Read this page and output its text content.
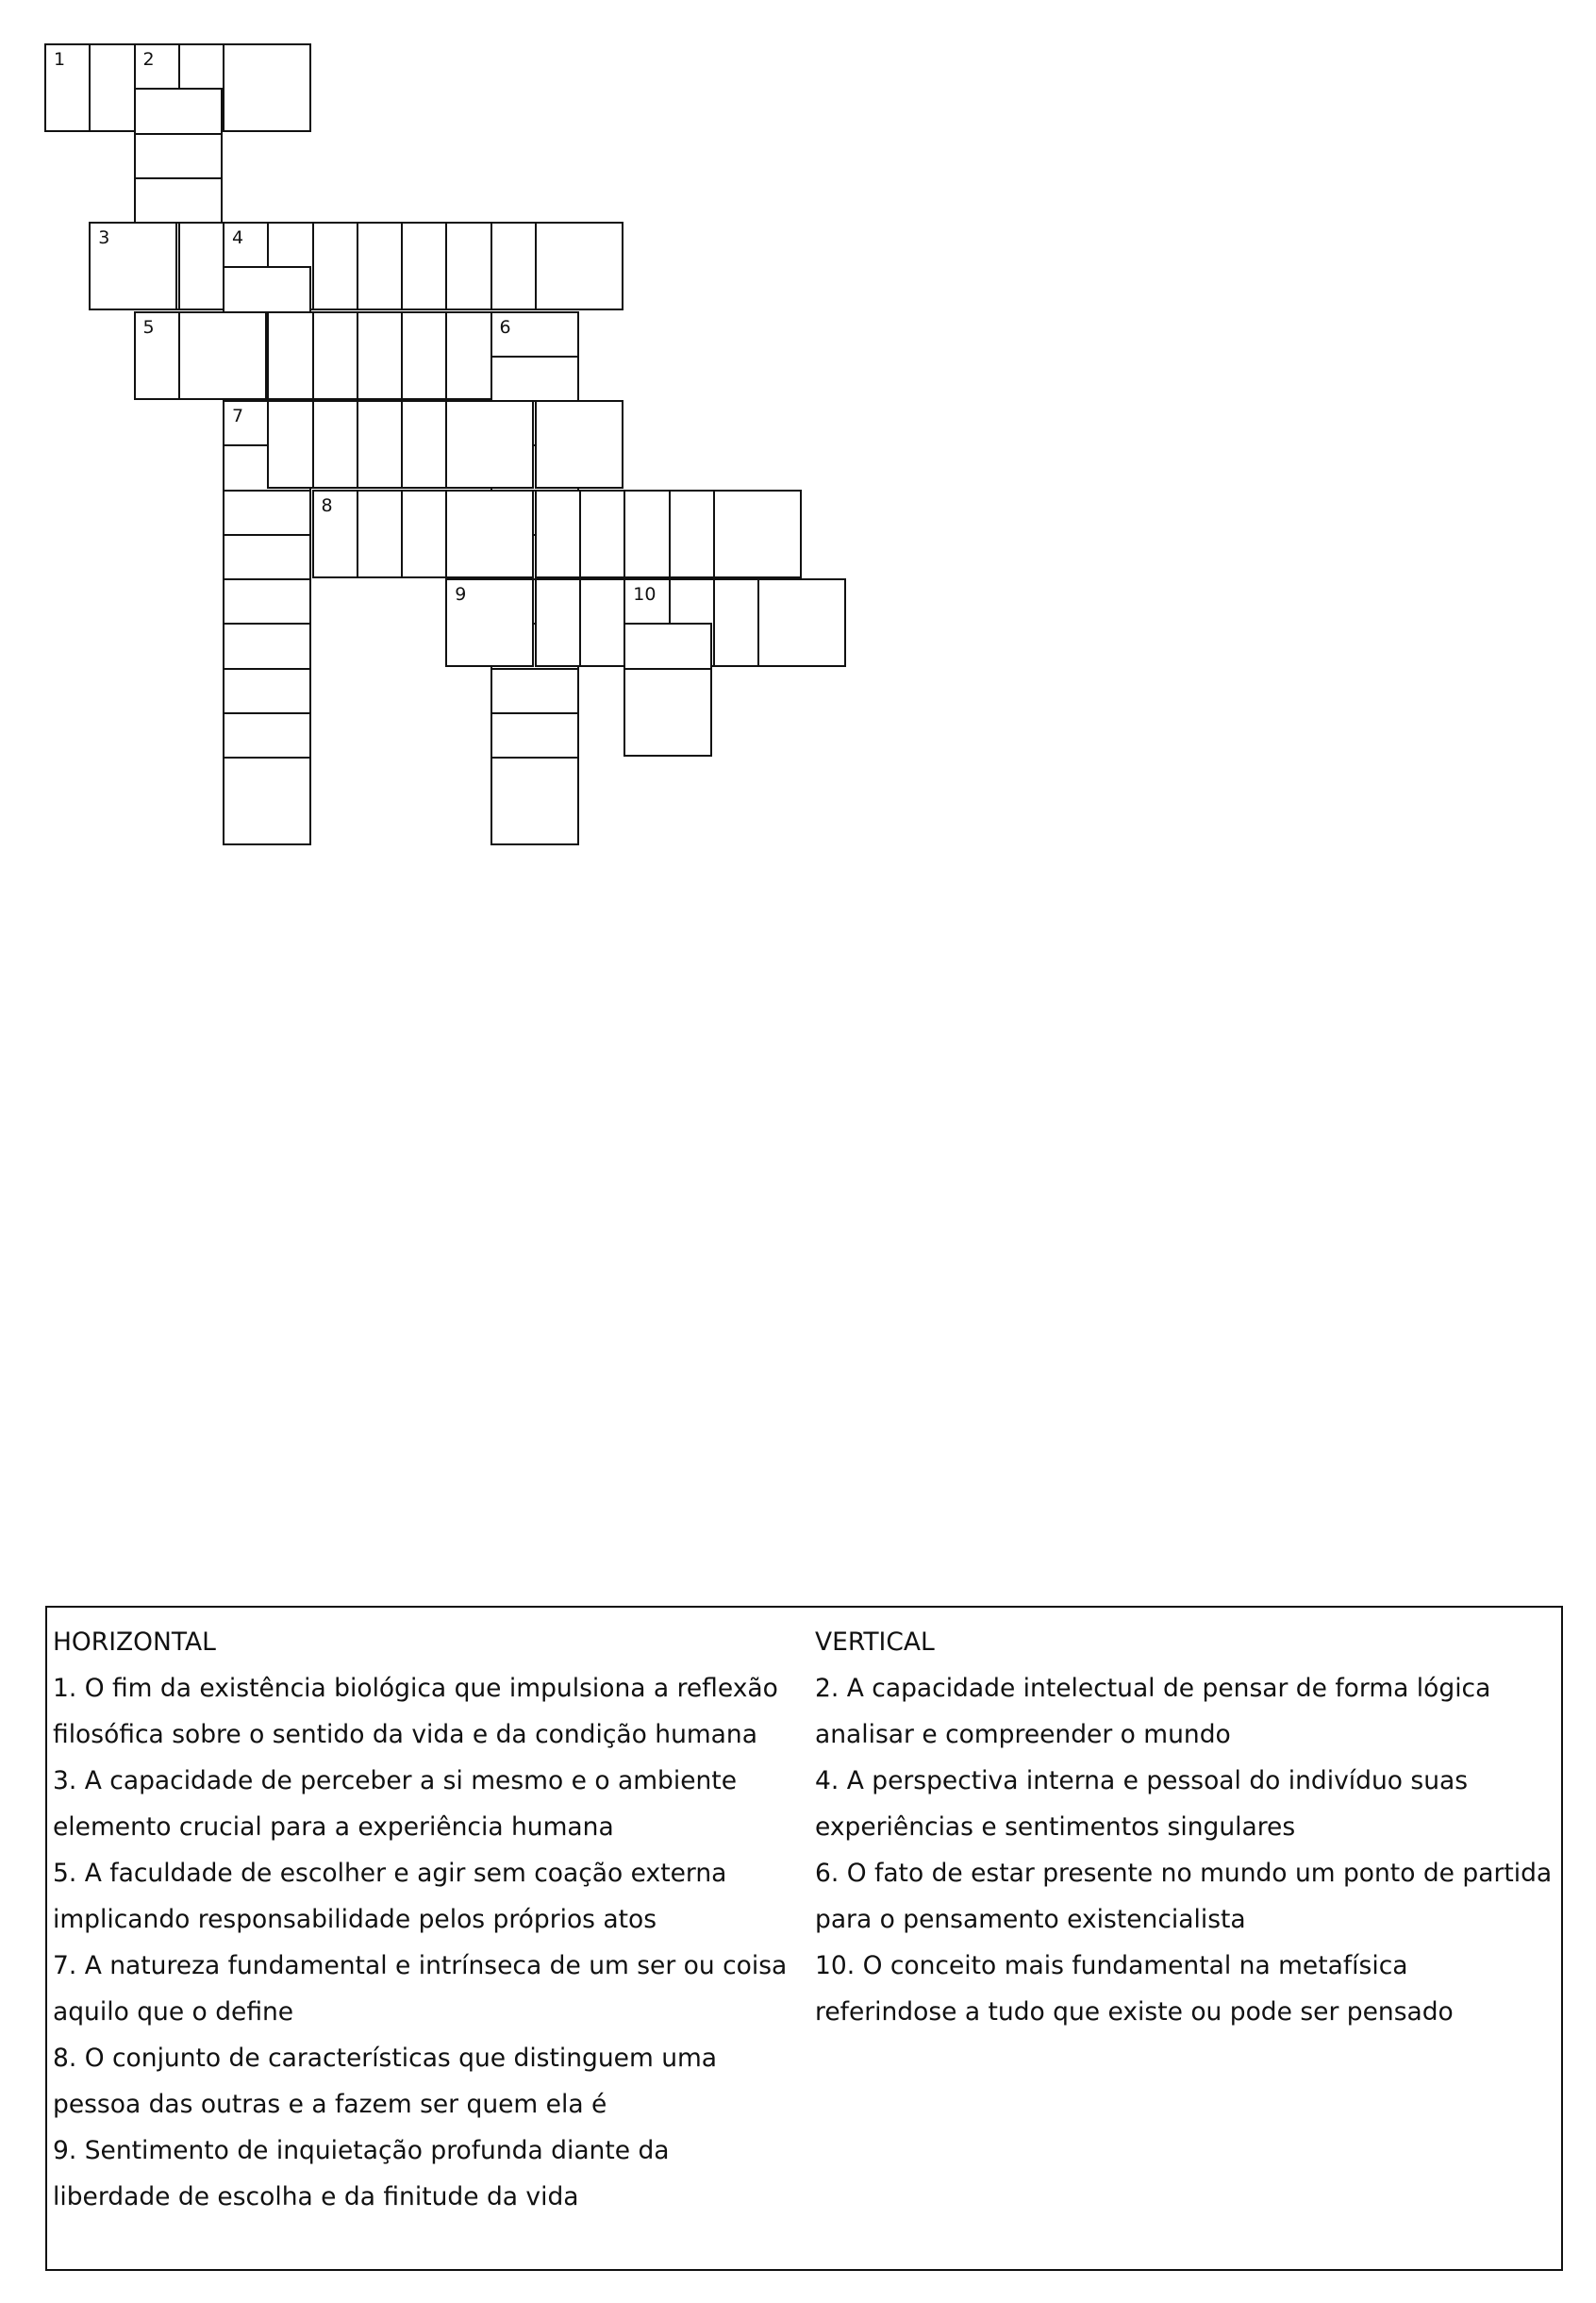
1	2
3	4
7
5	6
8
9	10
HORIZONTAL
1. O fim da existência biológica que impulsiona a reflexão
filosófica sobre o sentido da vida e da condição humana
3. A capacidade de perceber a si mesmo e o ambiente
elemento crucial para a experiência humana
5. A faculdade de escolher e agir sem coação externa
implicando responsabilidade pelos próprios atos
7. A natureza fundamental e intrínseca de um ser ou coisa
aquilo que o define
8. O conjunto de características que distinguem uma
pessoa das outras e a fazem ser quem ela é
9. Sentimento de inquietação profunda diante da
liberdade de escolha e da finitude da vida
VERTICAL
2. A capacidade intelectual de pensar de forma lógica
analisar e compreender o mundo
4. A perspectiva interna e pessoal do indivíduo suas
experiências e sentimentos singulares
6. O fato de estar presente no mundo um ponto de partida
para o pensamento existencialista
10. O conceito mais fundamental na metafísica
referindose a tudo que existe ou pode ser pensado
